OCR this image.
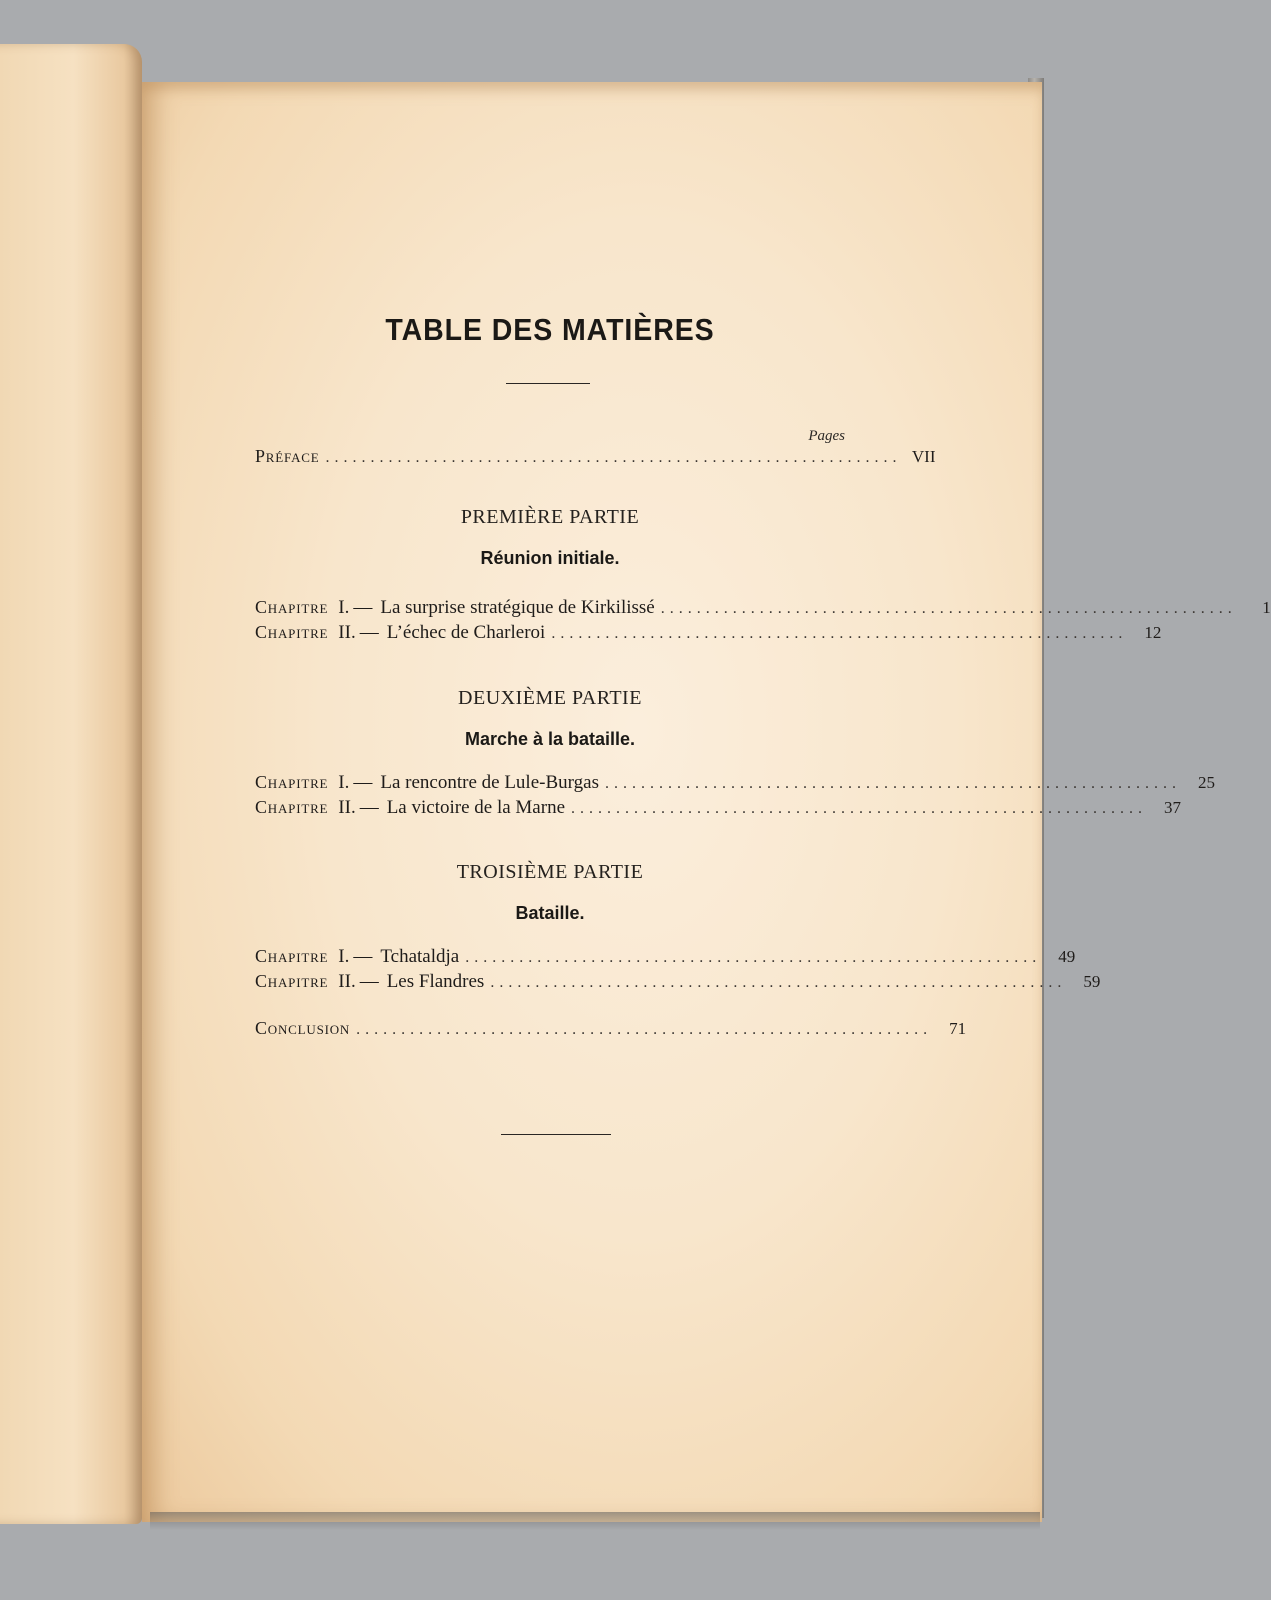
TABLE DES MATIÈRES
Pages
Préface ................................................................ VII
PREMIÈRE PARTIE
Réunion initiale.
Chapitre I. — La surprise stratégique de Kirkilissé ................................................................	1
Chapitre II. — L’échec de Charleroi ................................................................	12
DEUXIÈME PARTIE
Marche à la bataille.
Chapitre I. — La rencontre de Lule-Burgas ................................................................	25
Chapitre II. — La victoire de la Marne ................................................................	37
TROISIÈME PARTIE
Bataille.
Chapitre I. — Tchataldja ................................................................	49
Chapitre II. — Les Flandres ................................................................	59
Conclusion ................................................................	71
